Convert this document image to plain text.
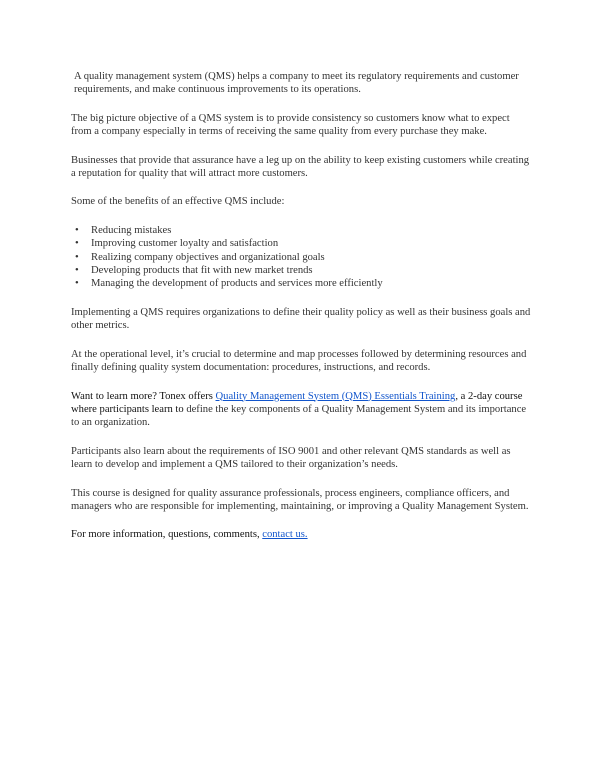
A quality management system (QMS) helps a company to meet its regulatory requirements and customer requirements, and make continuous improvements to its operations.

The big picture objective of a QMS system is to provide consistency so customers know what to expect from a company especially in terms of receiving the same quality from every purchase they make.

Businesses that provide that assurance have a leg up on the ability to keep existing customers while creating a reputation for quality that will attract more customers.

Some of the benefits of an effective QMS include:

• Reducing mistakes
• Improving customer loyalty and satisfaction
• Realizing company objectives and organizational goals
• Developing products that fit with new market trends
• Managing the development of products and services more efficiently

Implementing a QMS requires organizations to define their quality policy as well as their business goals and other metrics.

At the operational level, it’s crucial to determine and map processes followed by determining resources and finally defining quality system documentation: procedures, instructions, and records.

Want to learn more? Tonex offers Quality Management System (QMS) Essentials Training, a 2-day course where participants learn to define the key components of a Quality Management System and its importance to an organization.

Participants also learn about the requirements of ISO 9001 and other relevant QMS standards as well as learn to develop and implement a QMS tailored to their organization’s needs.

This course is designed for quality assurance professionals, process engineers, compliance officers, and managers who are responsible for implementing, maintaining, or improving a Quality Management System.

For more information, questions, comments, contact us.
